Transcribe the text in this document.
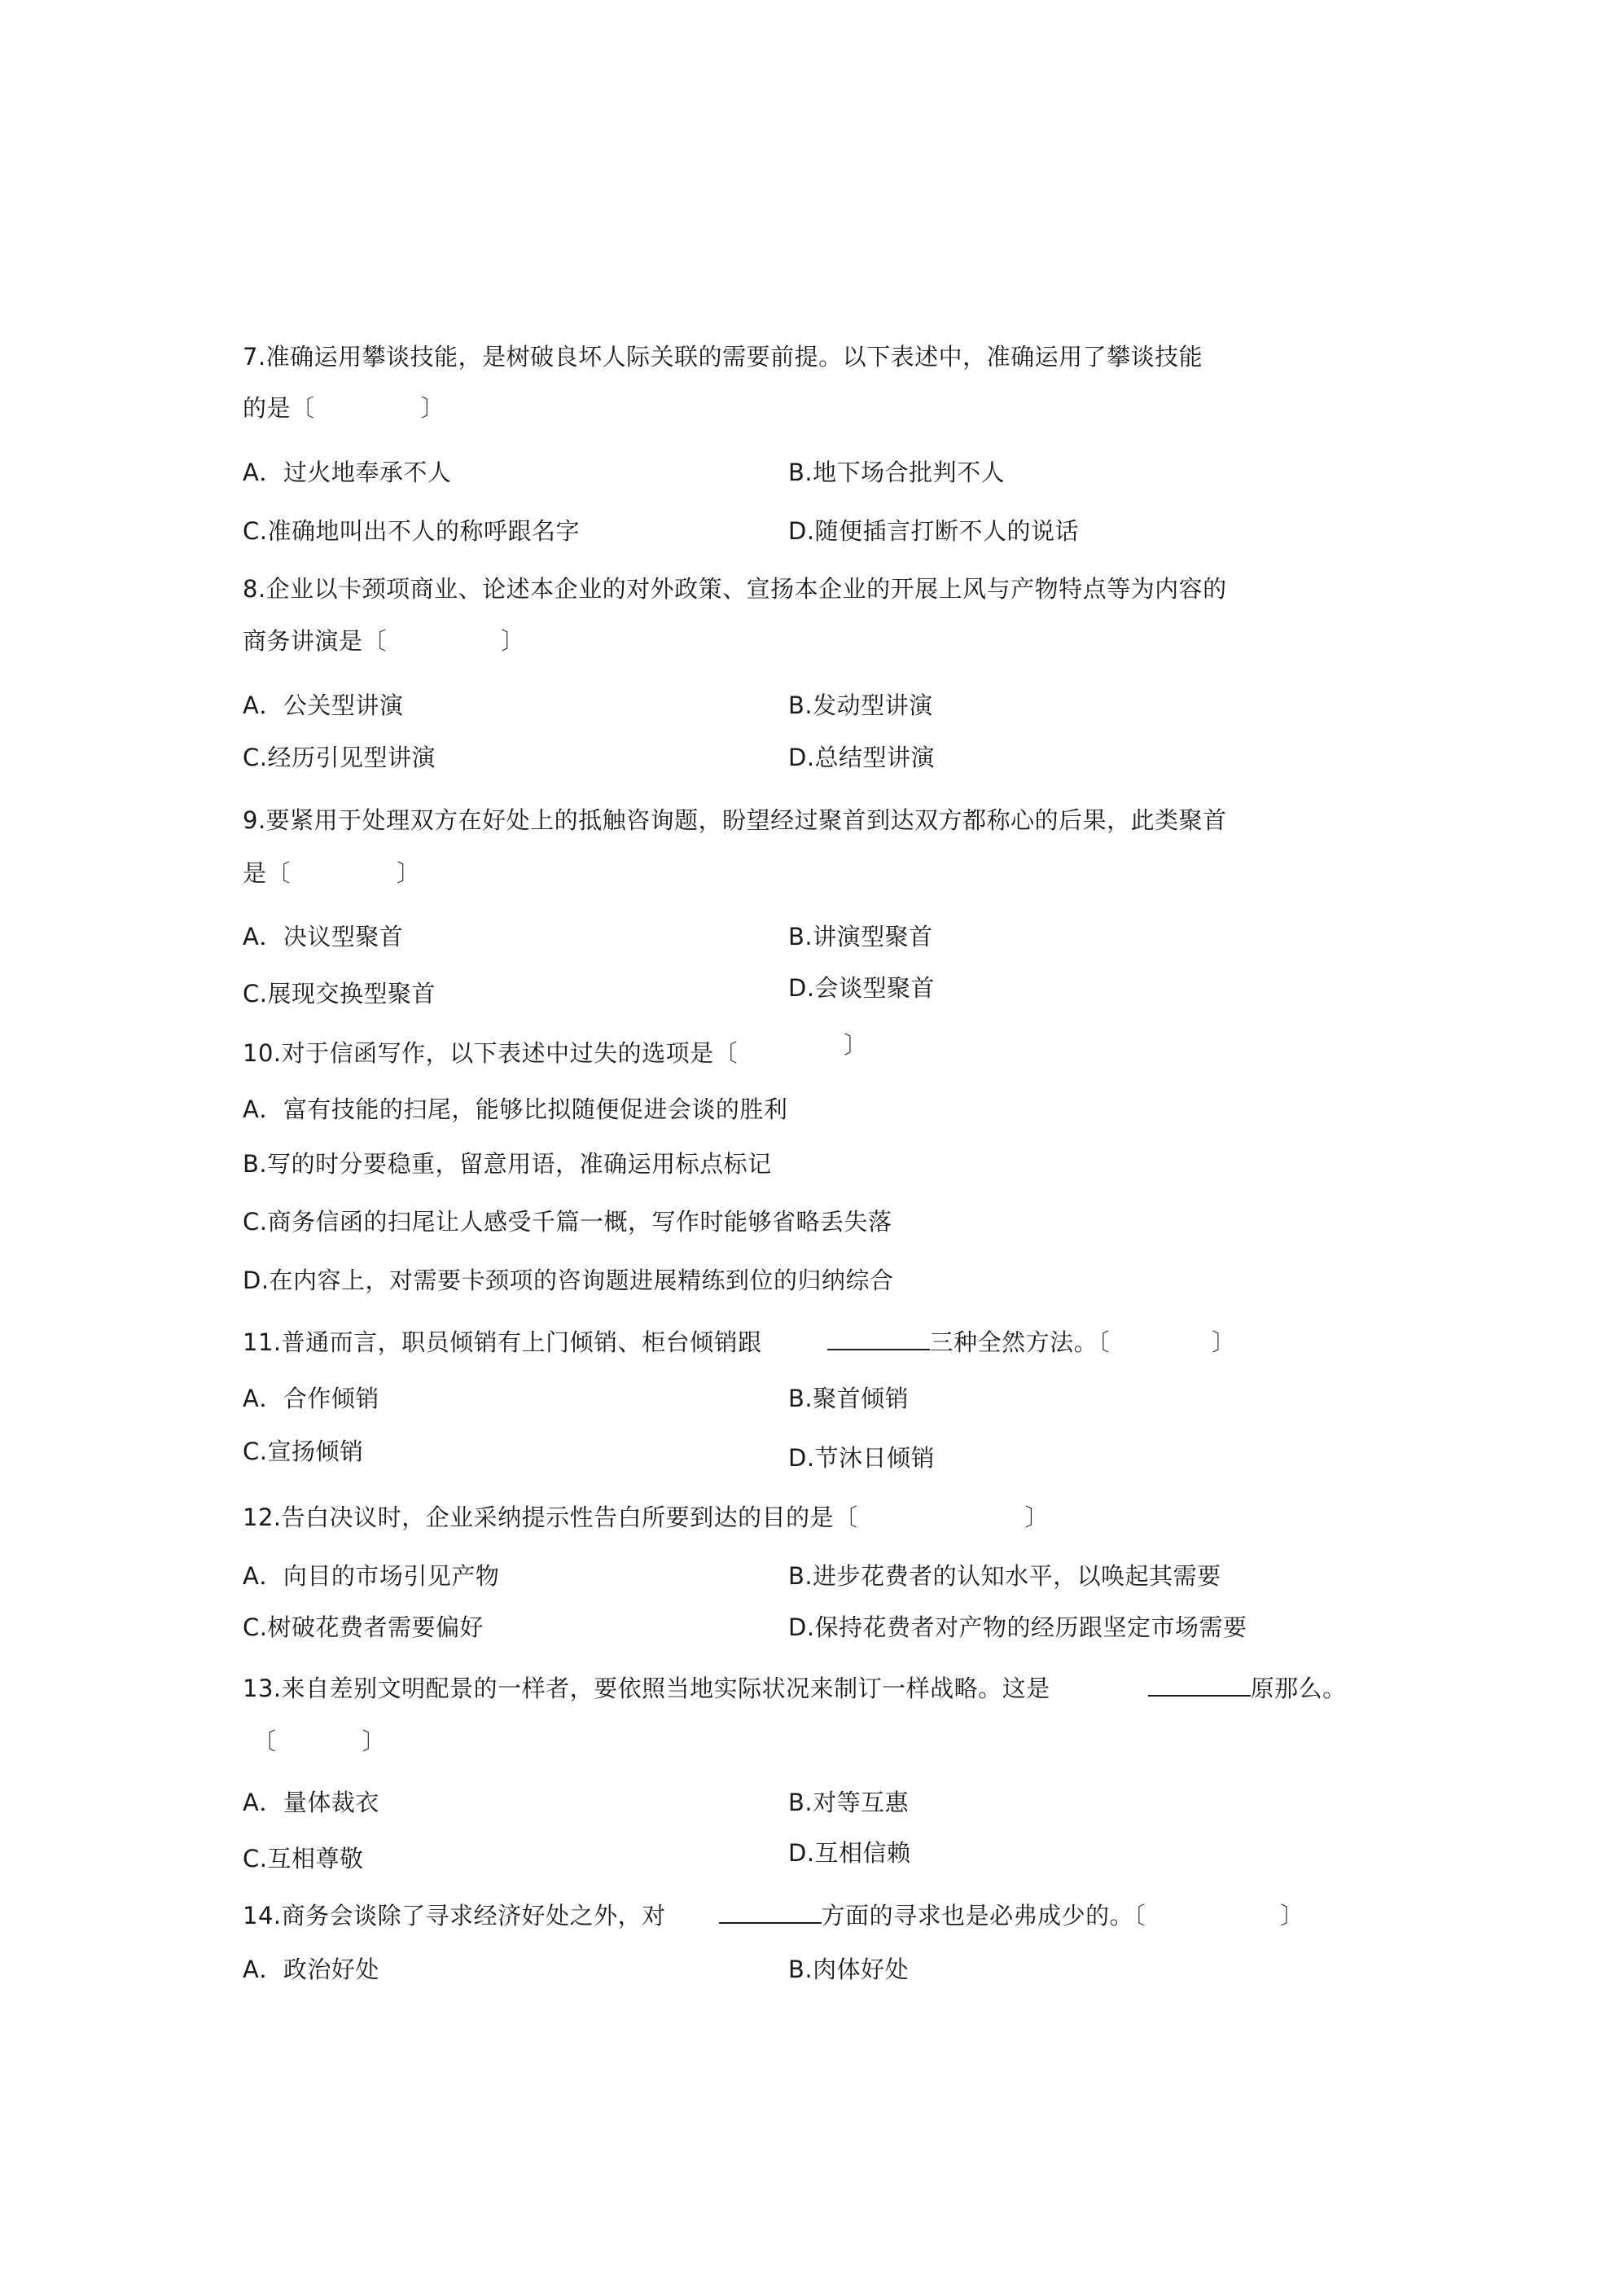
7.准确运用攀谈技能，是树破良坏人际关联的需要前提。以下表述中，准确运用了攀谈技能
的是〔	〕
A．过火地奉承不人	B.地下场合批判不人
C.准确地叫出不人的称呼跟名字	D.随便插言打断不人的说话
8.企业以卡颈项商业、论述本企业的对外政策、宣扬本企业的开展上风与产物特点等为内容的
商务讲演是〔	〕
A．公关型讲演	B.发动型讲演
C.经历引见型讲演	D.总结型讲演
9.要紧用于处理双方在好处上的抵触咨询题，盼望经过聚首到达双方都称心的后果，此类聚首
是〔	〕
A．决议型聚首	B.讲演型聚首
C.展现交换型聚首	D.会谈型聚首
10.对于信函写作，以下表述中过失的选项是〔	〕
A．富有技能的扫尾，能够比拟随便促进会谈的胜利
B.写的时分要稳重，留意用语，准确运用标点标记
C.商务信函的扫尾让人感受千篇一概，写作时能够省略丢失落
D.在内容上，对需要卡颈项的咨询题进展精练到位的归纳综合
11.普通而言，职员倾销有上门倾销、柜台倾销跟	三种全然方法。〔	〕
A．合作倾销	B.聚首倾销
C.宣扬倾销	D.节沐日倾销
12.告白决议时，企业采纳提示性告白所要到达的目的是〔	〕
A．向目的市场引见产物	B.进步花费者的认知水平，以唤起其需要
C.树破花费者需要偏好	D.保持花费者对产物的经历跟坚定市场需要
13.来自差别文明配景的一样者，要依照当地实际状况来制订一样战略。这是	原那么。
〔	〕
A．量体裁衣	B.对等互惠
C.互相尊敬	D.互相信赖
14.商务会谈除了寻求经济好处之外，对	方面的寻求也是必弗成少的。〔	〕
A．政治好处	B.肉体好处
